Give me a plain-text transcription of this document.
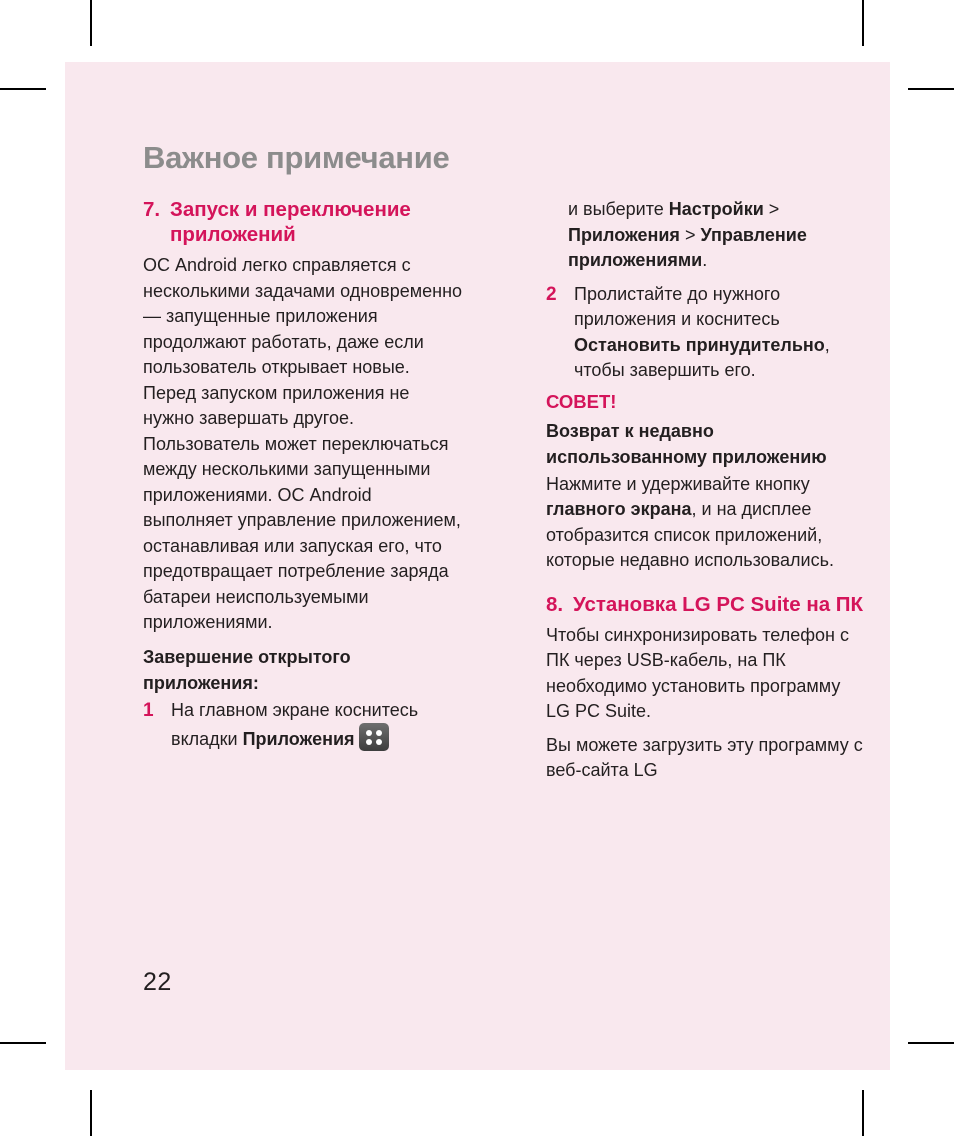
Важное примечание
7. Запуск и переключение приложений

ОС Android легко справляется с несколькими задачами одновременно — запущенные приложения продолжают работать, даже если пользователь открывает новые. Перед запуском приложения не нужно завершать другое. Пользователь может переключаться между несколькими запущенными приложениями. ОС Android выполняет управление приложением, останавливая или запуская его, что предотвращает потребление заряда батареи неиспользуемыми приложениями.

Завершение открытого приложения:

1 На главном экране коснитесь вкладки Приложения

и выберите Настройки > Приложения > Управление приложениями.

2 Пролистайте до нужного приложения и коснитесь Остановить принудительно, чтобы завершить его.

СОВЕТ!

Возврат к недавно использованному приложению

Нажмите и удерживайте кнопку главного экрана, и на дисплее отобразится список приложений, которые недавно использовались.

8. Установка LG PC Suite на ПК

Чтобы синхронизировать телефон с ПК через USB-кабель, на ПК необходимо установить программу LG PC Suite.

Вы можете загрузить эту программу с веб-сайта LG

22
